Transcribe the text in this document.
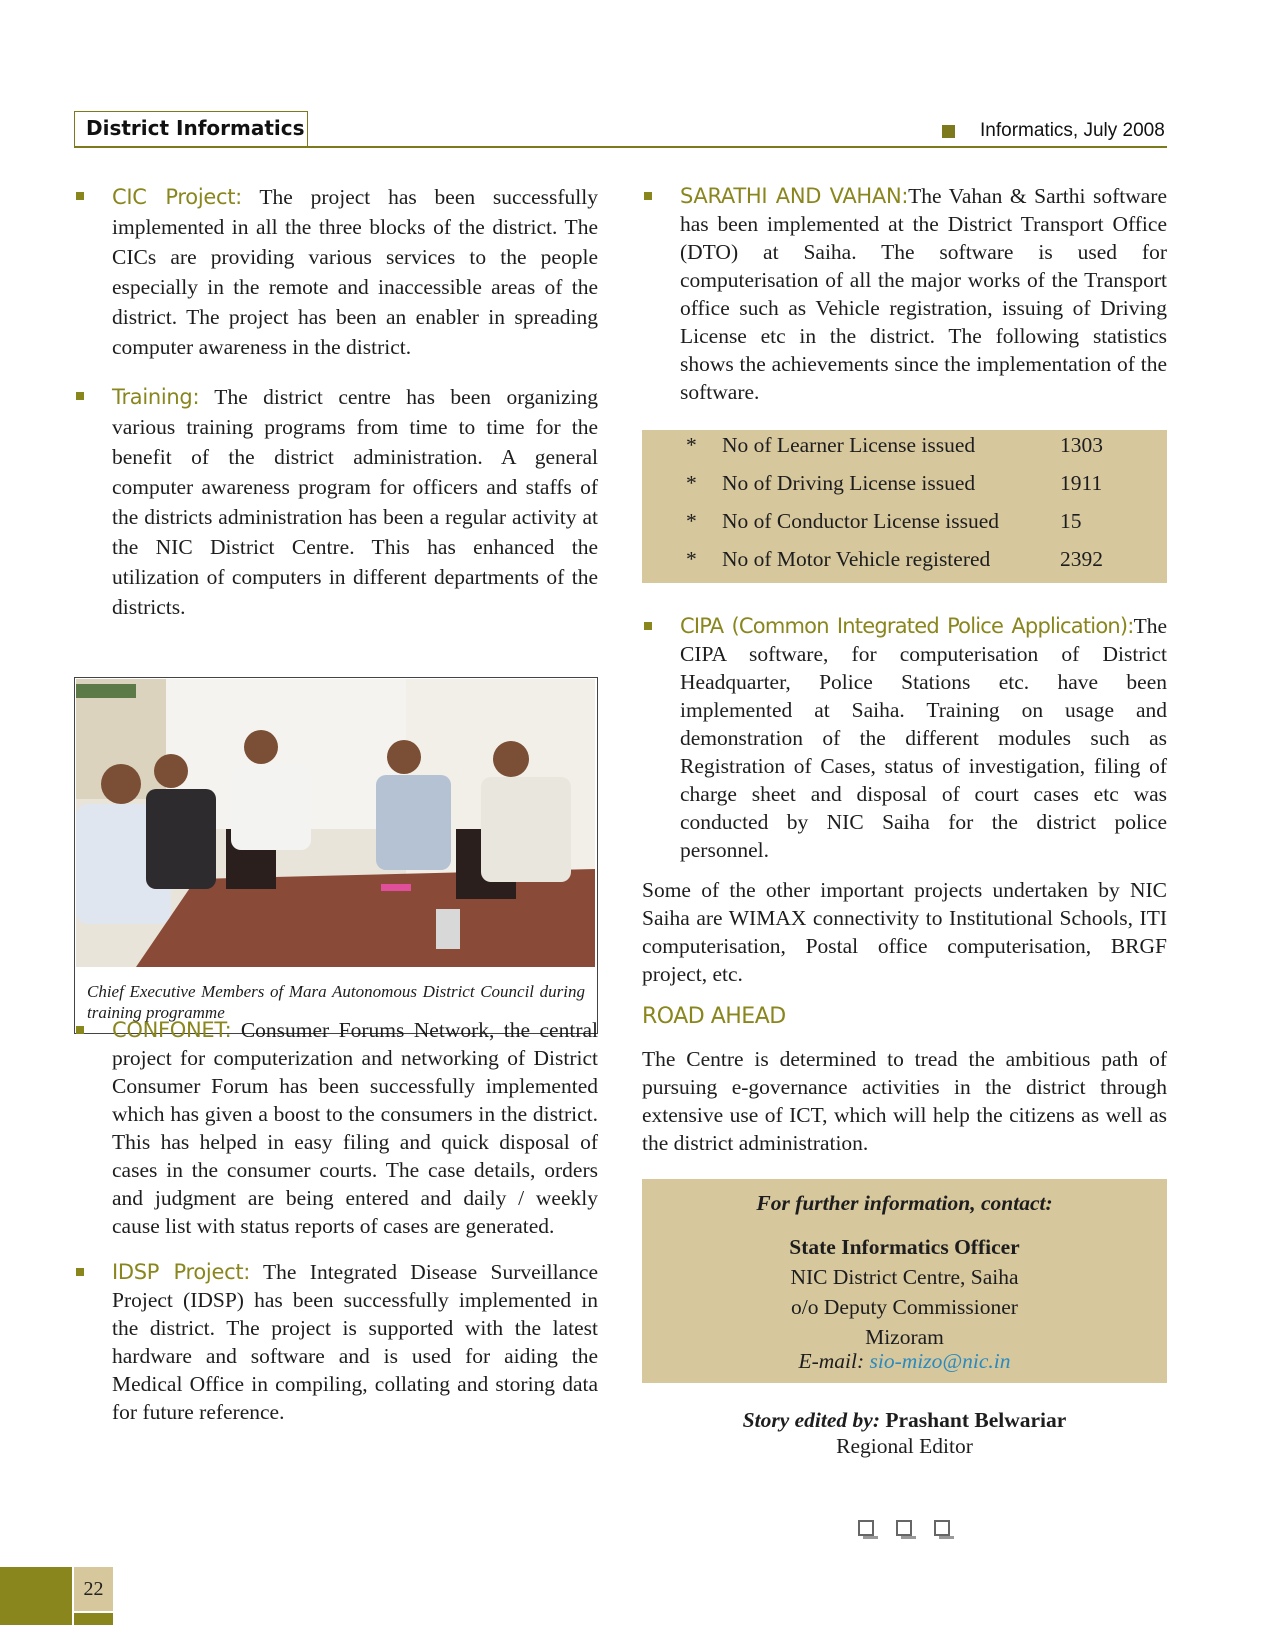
District Informatics	Informatics, July 2008

CIC Project: The project has been successfully implemented in all the three blocks of the district. The CICs are providing various services to the people especially in the remote and inaccessible areas of the district. The project has been an enabler in spreading computer awareness in the district.

Training: The district centre has been organizing various training programs from time to time for the benefit of the district administration. A general computer awareness program for officers and staffs of the districts administration has been a regular activity at the NIC District Centre. This has enhanced the utilization of computers in different departments of the districts.

Chief Executive Members of Mara Autonomous District Council during training programme

CONFONET: Consumer Forums Network, the central project for computerization and networking of District Consumer Forum has been successfully implemented which has given a boost to the consumers in the district. This has helped in easy filing and quick disposal of cases in the consumer courts. The case details, orders and judgment are being entered and daily / weekly cause list with status reports of cases are generated.

IDSP Project: The Integrated Disease Surveillance Project (IDSP) has been successfully implemented in the district. The project is supported with the latest hardware and software and is used for aiding the Medical Office in compiling, collating and storing data for future reference.

SARATHI AND VAHAN:The Vahan & Sarthi software has been implemented at the District Transport Office (DTO) at Saiha. The software is used for computerisation of all the major works of the Transport office such as Vehicle registration, issuing of Driving License etc in the district. The following statistics shows the achievements since the implementation of the software.

* No of Learner License issued	1303
* No of Driving License issued	1911
* No of Conductor License issued	15
* No of Motor Vehicle registered	2392

CIPA (Common Integrated Police Application):The CIPA software, for computerisation of District Headquarter, Police Stations etc. have been implemented at Saiha. Training on usage and demonstration of the different modules such as Registration of Cases, status of investigation, filing of charge sheet and disposal of court cases etc was conducted by NIC Saiha for the district police personnel.

Some of the other important projects undertaken by NIC Saiha are WIMAX connectivity to Institutional Schools, ITI computerisation, Postal office computerisation, BRGF project, etc.

ROAD AHEAD

The Centre is determined to tread the ambitious path of pursuing e-governance activities in the district through extensive use of ICT, which will help the citizens as well as the district administration.

For further information, contact:
State Informatics Officer
NIC District Centre, Saiha
o/o Deputy Commissioner
Mizoram
E-mail: sio-mizo@nic.in
Story edited by: Prashant Belwariar
Regional Editor
22
